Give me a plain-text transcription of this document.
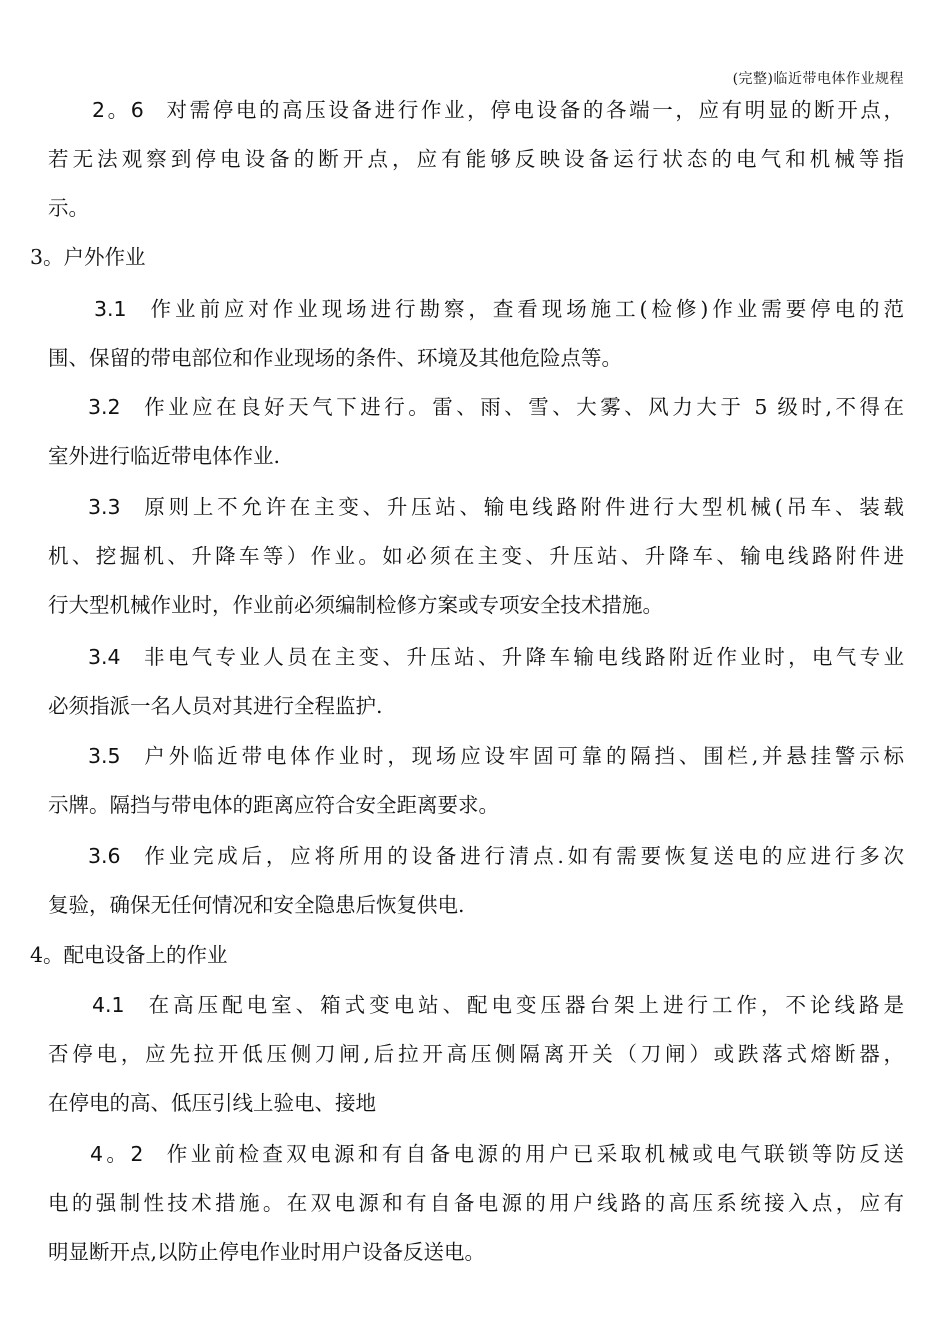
(完整)临近带电体作业规程
2。6 对需停电的高压设备进行作业，停电设备的各端一，应有明显的断开点，
若无法观察到停电设备的断开点，应有能够反映设备运行状态的电气和机械等指
示。
3。户外作业
3.1 作业前应对作业现场进行勘察，查看现场施工(检修)作业需要停电的范
围、保留的带电部位和作业现场的条件、环境及其他危险点等。
3.2 作业应在良好天气下进行。雷、雨、雪、大雾、风力大于 5 级时,不得在
室外进行临近带电体作业.
3.3 原则上不允许在主变、升压站、输电线路附件进行大型机械(吊车、装载
机、挖掘机、升降车等）作业。如必须在主变、升压站、升降车、输电线路附件进
行大型机械作业时，作业前必须编制检修方案或专项安全技术措施。
3.4 非电气专业人员在主变、升压站、升降车输电线路附近作业时，电气专业
必须指派一名人员对其进行全程监护.
3.5 户外临近带电体作业时，现场应设牢固可靠的隔挡、围栏,并悬挂警示标
示牌。隔挡与带电体的距离应符合安全距离要求。
3.6 作业完成后，应将所用的设备进行清点.如有需要恢复送电的应进行多次
复验，确保无任何情况和安全隐患后恢复供电.
4。配电设备上的作业
4.1 在高压配电室、箱式变电站、配电变压器台架上进行工作，不论线路是
否停电，应先拉开低压侧刀闸,后拉开高压侧隔离开关（刀闸）或跌落式熔断器，
在停电的高、低压引线上验电、接地
4。2 作业前检查双电源和有自备电源的用户已采取机械或电气联锁等防反送
电的强制性技术措施。在双电源和有自备电源的用户线路的高压系统接入点，应有
明显断开点,以防止停电作业时用户设备反送电。
